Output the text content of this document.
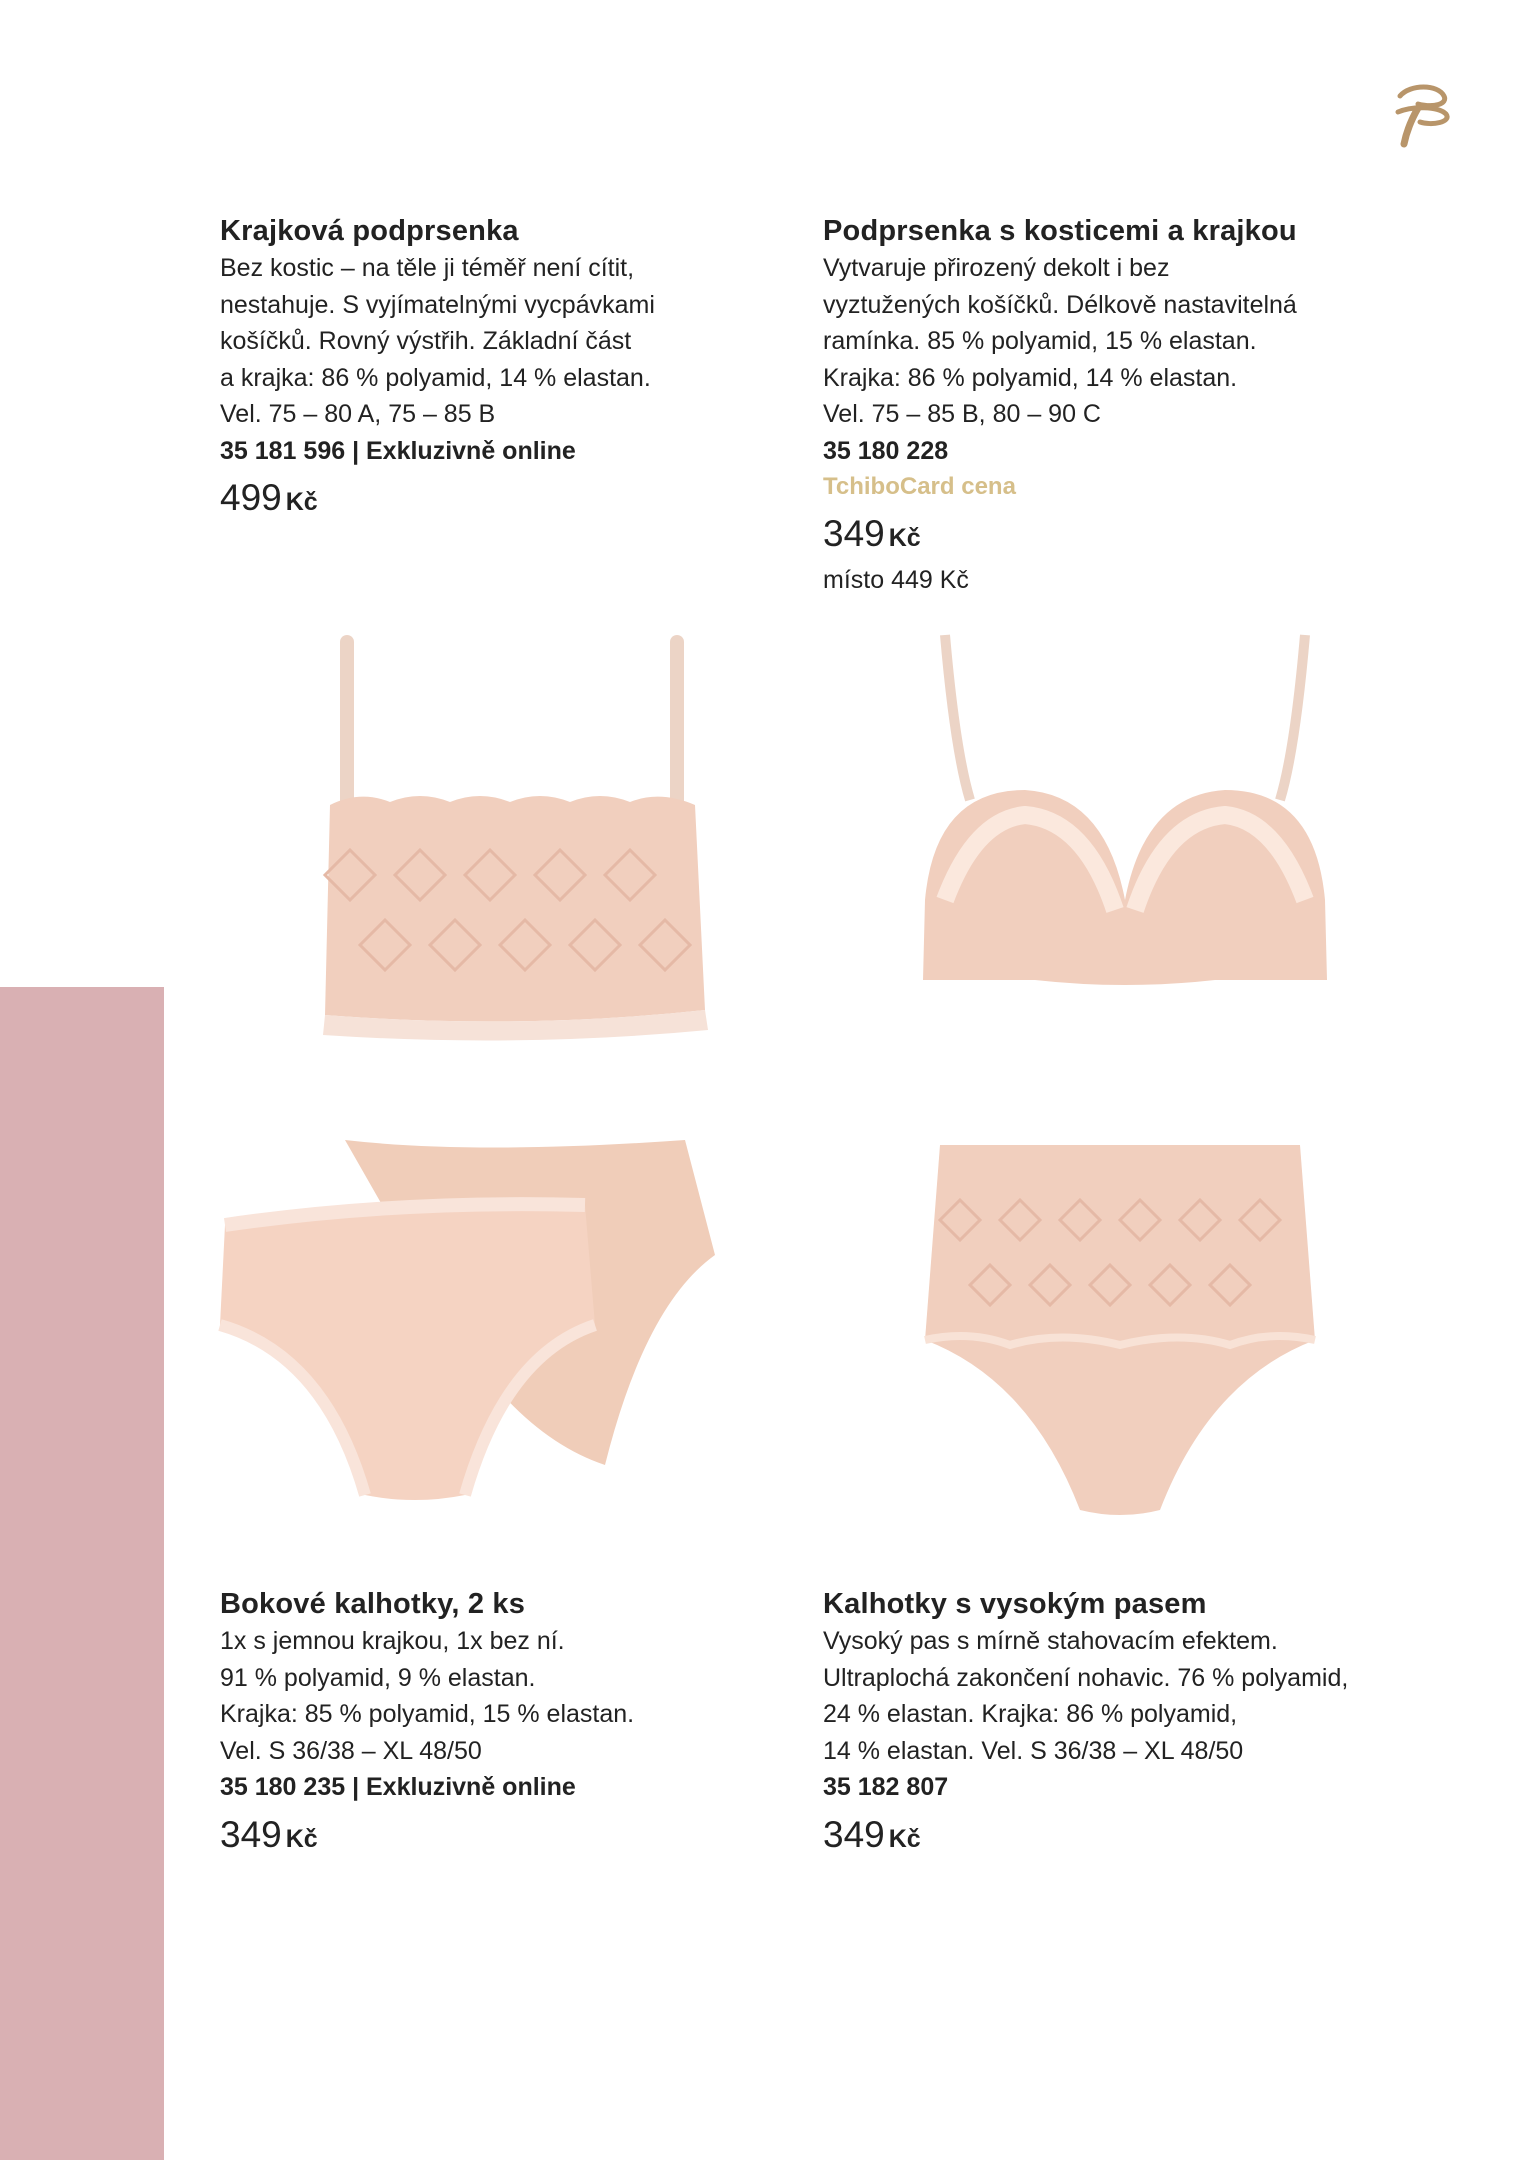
Krajková podprsenka
Bez kostic – na těle ji téměř není cítit,
nestahuje. S vyjímatelnými vycpávkami
košíčků. Rovný výstřih. Základní část
a krajka: 86 % polyamid, 14 % elastan.
Vel. 75 – 80 A, 75 – 85 B
35 181 596 | Exkluzivně online
499 Kč
Podprsenka s kosticemi a krajkou
Vytvaruje přirozený dekolt i bez
vyztužených košíčků. Délkově nastavitelná
ramínka. 85 % polyamid, 15 % elastan.
Krajka: 86 % polyamid, 14 % elastan.
Vel. 75 – 85 B, 80 – 90 C
35 180 228
TchiboCard cena
349 Kč
místo 449 Kč
Bokové kalhotky, 2 ks
1x s jemnou krajkou, 1x bez ní.
91 % polyamid, 9 % elastan.
Krajka: 85 % polyamid, 15 % elastan.
Vel. S 36/38 – XL 48/50
35 180 235 | Exkluzivně online
349 Kč
Kalhotky s vysokým pasem
Vysoký pas s mírně stahovacím efektem.
Ultraplochá zakončení nohavic. 76 % polyamid,
24 % elastan. Krajka: 86 % polyamid,
14 % elastan. Vel. S 36/38 – XL 48/50
35 182 807
349 Kč
